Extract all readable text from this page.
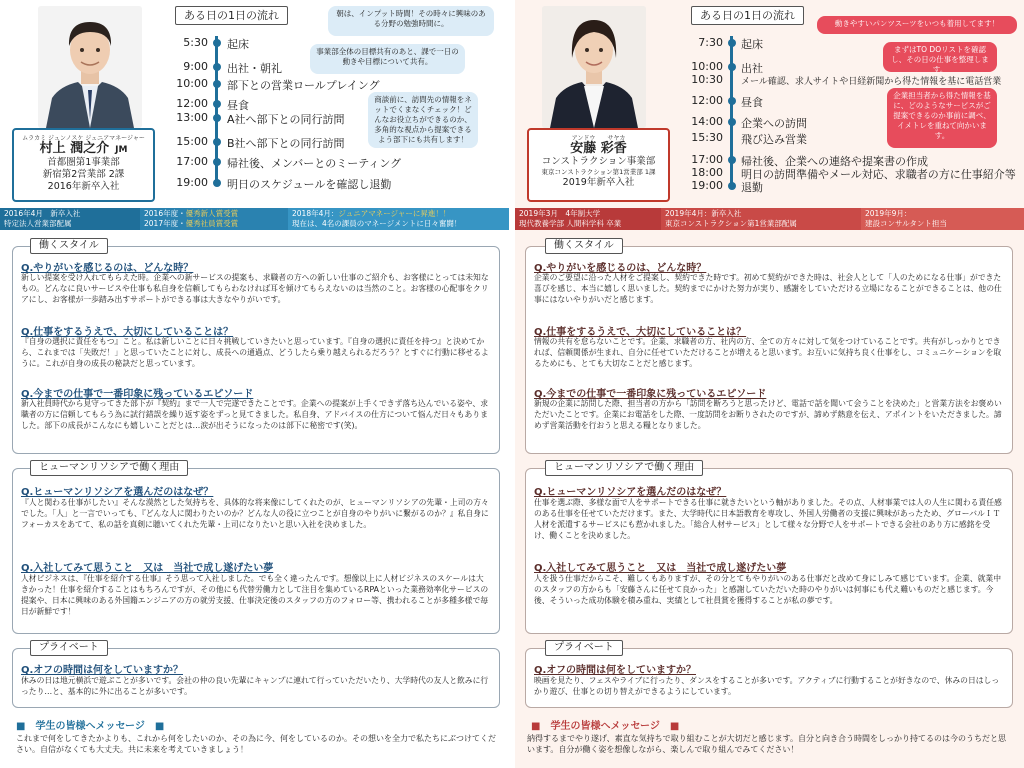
ムラカミ ジュンノスケ ジュニアマネージャー
村上 潤之介 JM
首都圏第1事業部
新宿第2営業部 2課
2016年新卒入社
ある日の1日の流れ
5:30 起床
9:00 出社・朝礼
10:00 部下との営業ロールプレイング
12:00 昼食
13:00 A社へ部下との同行訪問
15:00 B社へ部下との同行訪問
17:00 帰社後、メンバーとのミーティング
19:00 明日のスケジュールを確認し退勤
朝は、インプット時間！その時々に興味のある分野の勉強時間に。
事業部全体の目標共有のあと、課で一日の動きや目標について共有。
商談前に、訪問先の情報をネットでくまなくチェック！どんなお役立ちができるのか、多角的な視点から提案できるよう部下にも共有します！
2016年4月　新卒入社
特定法人営業部配属
2016年度・優秀新人賞受賞
2017年度・優秀社員賞受賞
2018年4月：ジュニアマネージャーに昇進！！
現在は、4名の課員のマネージメントに日々奮闘！
Q.やりがいを感じるのは、どんな時？
新しい提案を受け入れてもらえた時。企業への新サービスの提案も、求職者の方への新しい仕事のご紹介も、お客様にとっては未知なもの。どんなに良いサービスや仕事も私自身を信頼してもらわなければ耳を傾けてもらえないのは当然のこと。お客様の心配事をクリアにし、お客様が一歩踏み出すサポートができる事は大きなやりがいです。
Q.仕事をするうえで、大切にしていることは？
『自身の選択に責任をもつ』こと。私は新しいことに日々挑戦していきたいと思っています。『自身の選択に責任を持つ』と決めてから、これまでは「失敗だ！」と思っていたことに対し、成長への通過点、どうしたら乗り越えられるだろう？とすぐに行動に移せるように。これが自身の成長の秘訣だと思っています。
Q.今までの仕事で一番印象に残っているエピソード
新入社員時代から見守ってきた部下が『契約』まで一人で完遂できたことです。企業への提案が上手くできず落ち込んでいる姿や、求職者の方に信頼してもらう為に試行錯誤を繰り返す姿をずっと見てきました。私自身、アドバイスの仕方について悩んだ日々もありました。部下の成長がこんなにも嬉しいことだとは…涙が出そうになったのは部下に秘密です(笑)。
働くスタイル
Q.ヒューマンリソシアを選んだのはなぜ？
『人と関わる仕事がしたい』そんな漠然とした気持ちを、具体的な将来像にしてくれたのが、ヒューマンリソシアの先輩・上司の方々でした。「人」と一言でいっても、『どんな人に関わりたいのか？どんな人の役に立つことが自身のやりがいに繋がるのか？』私自身にフォーカスをあてて、私の話を真剣に聴いてくれた先輩・上司になりたいと思い入社を決めました。
Q.入社してみて思うこと　又は　当社で成し遂げたい夢
人材ビジネスは、『仕事を紹介する仕事』そう思って入社しました。でも全く違ったんです。想像以上に人材ビジネスのスケールは大きかった！仕事を紹介することはもちろんですが、その他にも代替労働力として注目を集めているRPAといった業務効率化サービスの提案や、日本に興味のある外国籍エンジニアの方の就労支援、仕事決定後のスタッフの方のフォロー等、携われることが多種多様で毎日が新鮮です！
ヒューマンリソシアで働く理由
Q.オフの時間は何をしていますか？
休みの日は地元横浜で遊ぶことが多いです。会社の仲の良い先輩にキャンプに連れて行っていただいたり、大学時代の友人と飲みに行ったり…と、基本的に外に出ることが多いです。
プライベート
■　学生の皆様へメッセージ　■
これまで何をしてきたかよりも、これから何をしたいのか、その為に今、何をしているのか。その想いを全力で私たちにぶつけてください。自信がなくても大丈夫。共に未来を考えていきましょう！
アンドウ　　サヤカ
安藤 彩香
コンストラクション事業部
東京コンストラクション第1営業部 1課
2019年新卒入社
ある日の1日の流れ
7:30 起床
10:00 出社
10:30 メール確認、求人サイトや日経新聞から得た情報を基に電話営業
12:00 昼食
14:00 企業への訪問
15:30 飛び込み営業
17:00 帰社後、企業への連絡や提案書の作成
18:00 明日の訪問準備やメール対応、求職者の方に仕事紹介等
19:00 退勤
動きやすいパンツスーツをいつも着用してます！
まずはTO DOリストを確認し、その日の仕事を整理します。
企業担当者から得た情報を基に、どのようなサービスがご提案できるのか事前に調べ、イメトレを重ねて向かいます。
2019年3月　4年制大学
現代教養学部 人間科学科 卒業
2019年4月：新卒入社
東京コンストラクション第1営業部配属
2019年9月：
建設コンサルタント担当
Q.やりがいを感じるのは、どんな時？
企業のご要望に沿った人材をご提案し、契約できた時です。初めて契約ができた時は、社会人として「人のためになる仕事」ができた喜びを感じ、本当に嬉しく思いました。契約までにかけた努力が実り、感謝をしていただける立場になることができることは、他の仕事にはないやりがいだと感じます。
Q.仕事をするうえで、大切にしていることは？
情報の共有を怠らないことです。企業、求職者の方、社内の方、全ての方々に対して気をつけていることです。共有がしっかりとできれば、信頼関係が生まれ、自分に任せていただけることが増えると思います。お互いに気持ち良く仕事をし、コミュニケーションを取るためにも、とても大切なことだと感じます。
Q.今までの仕事で一番印象に残っているエピソード
新規の企業に訪問した際、担当者の方から「訪問を断ろうと思ったけど、電話で話を聞いて会うことを決めた」と営業方法をお褒めいただいたことです。企業にお電話をした際、一度訪問をお断りされたのですが、諦めず熱意を伝え、アポイントをいただきました。諦めず営業活動を行おうと思える糧となりました。
働くスタイル
Q.ヒューマンリソシアを選んだのはなぜ？
仕事を選ぶ際、多様な面で人をサポートできる仕事に就きたいという軸がありました。その点、人材事業では人の人生に関わる責任感のある仕事を任せていただけます。また、大学時代に日本語教育を専攻し、外国人労働者の支援に興味があったため、グローバルＩＴ人材を派遣するサービスにも惹かれました。「総合人材サービス」として様々な分野で人をサポートできる会社のあり方に感銘を受け、働くことを決めました。
Q.入社してみて思うこと　又は　当社で成し遂げたい夢
人を扱う仕事だからこそ、難しくもありますが、その分とてもやりがいのある仕事だと改めて身にしみて感じています。企業、就業中のスタッフの方からも「安藤さんに任せて良かった」と感謝していただいた時のやりがいは何事にも代え難いものだと感じます。今後、そういった成功体験を積み重ね、実績として社員賞を獲得することが私の夢です。
ヒューマンリソシアで働く理由
Q.オフの時間は何をしていますか？
映画を見たり、フェスやライブに行ったり、ダンスをすることが多いです。アクティブに行動することが好きなので、休みの日はしっかり遊び、仕事との切り替えができるようにしています。
プライベート
■　学生の皆様へメッセージ　■
納得するまでやり遂げ、素直な気持ちで取り組むことが大切だと感じます。自分と向き合う時間をしっかり持てるのは今のうちだと思います。自分が働く姿を想像しながら、楽しんで取り組んでみてください！
